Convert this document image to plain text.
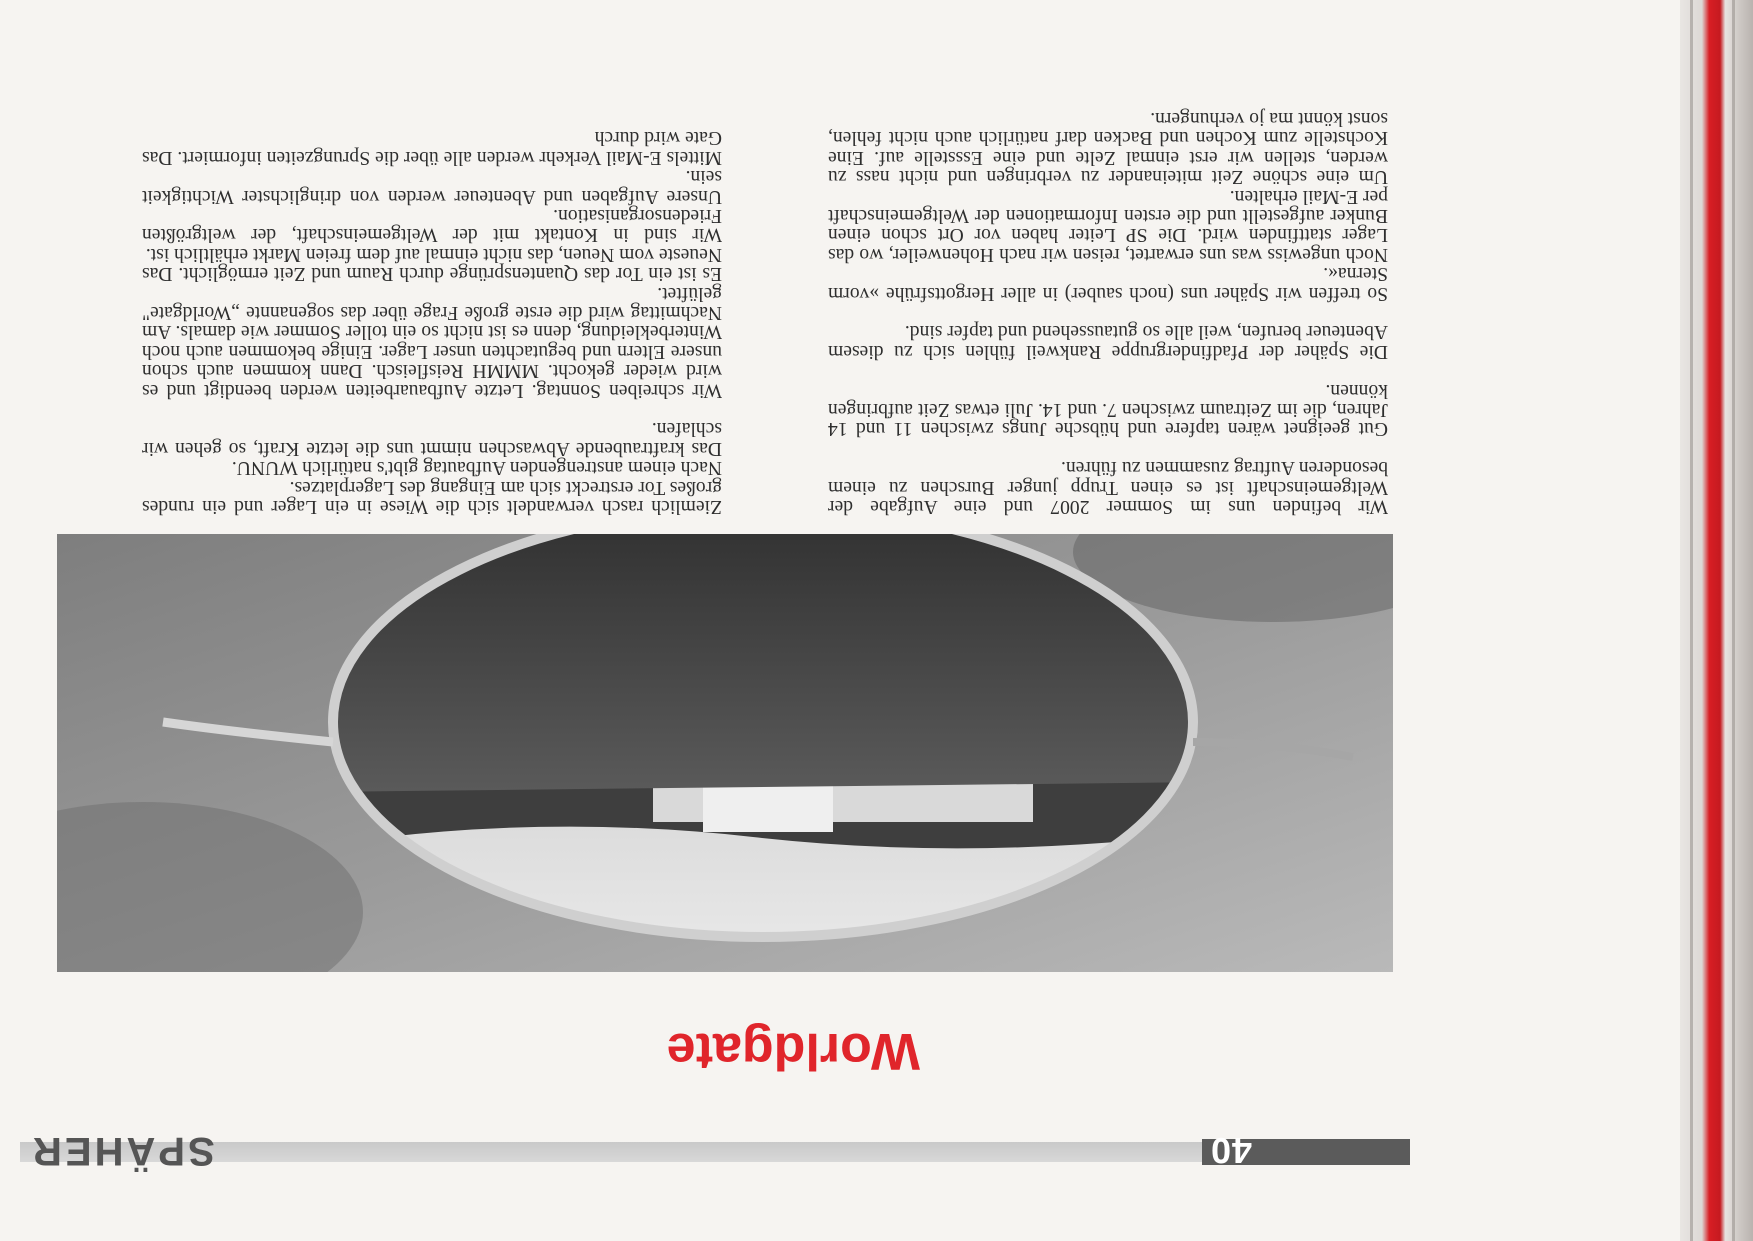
40
SPÄHER
Worldgate

Wir befinden uns im Sommer 2007 und eine Aufgabe der Weltgemeinschaft ist es einen Trupp junger Burschen zu einem besonderen Auftrag zusammen zu führen.

Gut geeignet wären tapfere und hübsche Jungs zwischen 11 und 14 Jahren, die im Zeitraum zwischen 7. und 14. Juli etwas Zeit aufbringen können.

Die Späher der Pfadfindergruppe Rankweil fühlen sich zu diesem Abenteuer berufen, weil alle so gutaussehend und tapfer sind.

So treffen wir Späher uns (noch sauber) in aller Hergottsfrühe »vorm Sterna«.

Noch ungewiss was uns erwartet, reisen wir nach Hohenweiler, wo das Lager stattfinden wird. Die SP Leiter haben vor Ort schon einen Bunker aufgestellt und die ersten Informationen der Weltgemeinschaft per E-Mail erhalten.

Um eine schöne Zeit miteinander zu verbringen und nicht nass zu werden, stellen wir erst einmal Zelte und eine Essstelle auf. Eine Kochstelle zum Kochen und Backen darf natürlich auch nicht fehlen, sonst könnt ma jo verhungern.

Ziemlich rasch verwandelt sich die Wiese in ein Lager und ein rundes großes Tor erstreckt sich am Eingang des Lagerplatzes.

Nach einem anstrengenden Aufbautag gibt's natürlich WUNU.

Das kraftraubende Abwaschen nimmt uns die letzte Kraft, so gehen wir schlafen.

Wir schreiben Sonntag. Letzte Aufbauarbeiten werden beendigt und es wird wieder gekocht. MMMH Reisfleisch. Dann kommen auch schon unsere Eltern und begutachten unser Lager. Einige bekommen auch noch Winterbekleidung, denn es ist nicht so ein toller Sommer wie damals. Am Nachmittag wird die erste große Frage über das sogenannte „Worldgate" gelüftet.

Es ist ein Tor das Quantensprünge durch Raum und Zeit ermöglicht. Das Neueste vom Neuen, das nicht einmal auf dem freien Markt erhältlich ist.

Wir sind in Kontakt mit der Weltgemeinschaft, der weltgrößten Friedensorganisation.

Unsere Aufgaben und Abenteuer werden von dringlichster Wichtigkeit sein.

Mittels E-Mail Verkehr werden alle über die Sprungzeiten informiert. Das Gate wird durch
